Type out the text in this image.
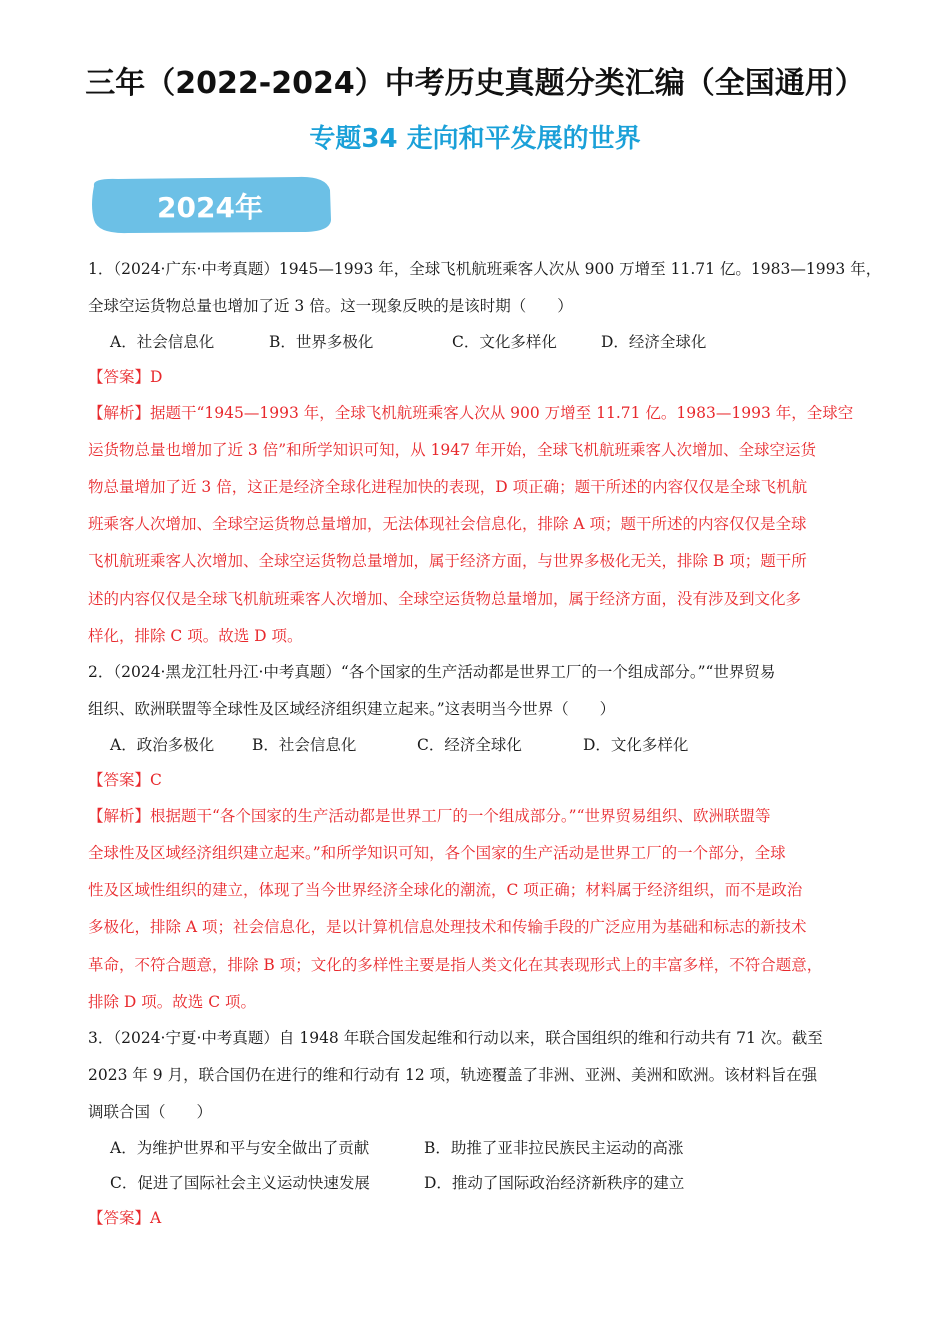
三年（2022-2024）中考历史真题分类汇编（全国通用）
专题34 走向和平发展的世界
2024年
1．（2024·广东·中考真题）1945—1993 年，全球飞机航班乘客人次从 900 万增至 11.71 亿。1983—1993 年，
全球空运货物总量也增加了近 3 倍。这一现象反映的是该时期（　　）
A．社会信息化	B．世界多极化	C．文化多样化	D．经济全球化
【答案】D
【解析】据题干“1945—1993 年，全球飞机航班乘客人次从 900 万增至 11.71 亿。1983—1993 年，全球空
运货物总量也增加了近 3 倍”和所学知识可知，从 1947 年开始，全球飞机航班乘客人次增加、全球空运货
物总量增加了近 3 倍，这正是经济全球化进程加快的表现，D 项正确；题干所述的内容仅仅是全球飞机航
班乘客人次增加、全球空运货物总量增加，无法体现社会信息化，排除 A 项；题干所述的内容仅仅是全球
飞机航班乘客人次增加、全球空运货物总量增加，属于经济方面，与世界多极化无关，排除 B 项；题干所
述的内容仅仅是全球飞机航班乘客人次增加、全球空运货物总量增加，属于经济方面，没有涉及到文化多
样化，排除 C 项。故选 D 项。
2．（2024·黑龙江牡丹江·中考真题）“各个国家的生产活动都是世界工厂的一个组成部分。”“世界贸易
组织、欧洲联盟等全球性及区域经济组织建立起来。”这表明当今世界（　　）
A．政治多极化 B．社会信息化	C．经济全球化	D．文化多样化
【答案】C
【解析】根据题干“各个国家的生产活动都是世界工厂的一个组成部分。”“世界贸易组织、欧洲联盟等
全球性及区域经济组织建立起来。”和所学知识可知，各个国家的生产活动是世界工厂的一个部分，全球
性及区域性组织的建立，体现了当今世界经济全球化的潮流，C 项正确；材料属于经济组织，而不是政治
多极化，排除 A 项；社会信息化，是以计算机信息处理技术和传输手段的广泛应用为基础和标志的新技术
革命，不符合题意，排除 B 项；文化的多样性主要是指人类文化在其表现形式上的丰富多样，不符合题意，
排除 D 项。故选 C 项。
3．（2024·宁夏·中考真题）自 1948 年联合国发起维和行动以来，联合国组织的维和行动共有 71 次。截至
2023 年 9 月，联合国仍在进行的维和行动有 12 项，轨迹覆盖了非洲、亚洲、美洲和欧洲。该材料旨在强
调联合国（　　）
A．为维护世界和平与安全做出了贡献	B．助推了亚非拉民族民主运动的高涨
C．促进了国际社会主义运动快速发展	D．推动了国际政治经济新秩序的建立
【答案】A
